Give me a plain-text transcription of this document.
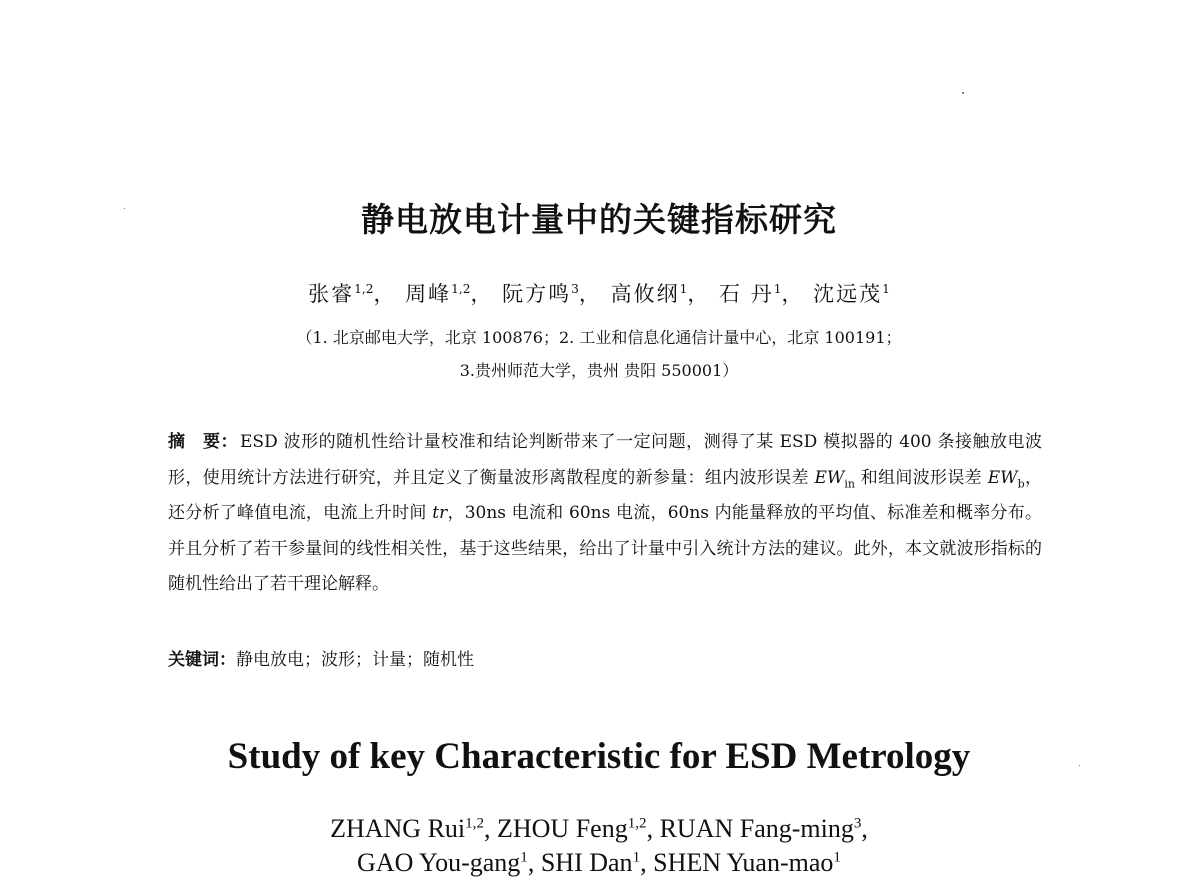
静电放电计量中的关键指标研究
张睿$^{1,2}$， 周峰$^{1,2}$， 阮方鸣$^3$， 高攸纲$^1$， 石 丹$^1$， 沈远茂$^1$
（1. 北京邮电大学，北京 100876；2. 工业和信息化通信计量中心，北京 100191；
3.贵州师范大学，贵州 贵阳 550001）
摘　要： ESD 波形的随机性给计量校准和结论判断带来了一定问题，测得了某 ESD 模拟器的 400 条接触放电波形，使用统计方法进行研究，并且定义了衡量波形离散程度的新参量：组内波形误差 $EW_{in}$ 和组间波形误差 $EW_b$，还分析了峰值电流，电流上升时间 tr，30ns 电流和 60ns 电流，60ns 内能量释放的平均值、标准差和概率分布。并且分析了若干参量间的线性相关性，基于这些结果，给出了计量中引入统计方法的建议。此外，本文就波形指标的随机性给出了若干理论解释。
关键词：静电放电；波形；计量；随机性
Study of key Characteristic for ESD Metrology
ZHANG Rui$^{1,2}$, ZHOU Feng$^{1,2}$, RUAN Fang-ming$^3$,
GAO You-gang$^1$, SHI Dan$^1$, SHEN Yuan-mao$^1$
